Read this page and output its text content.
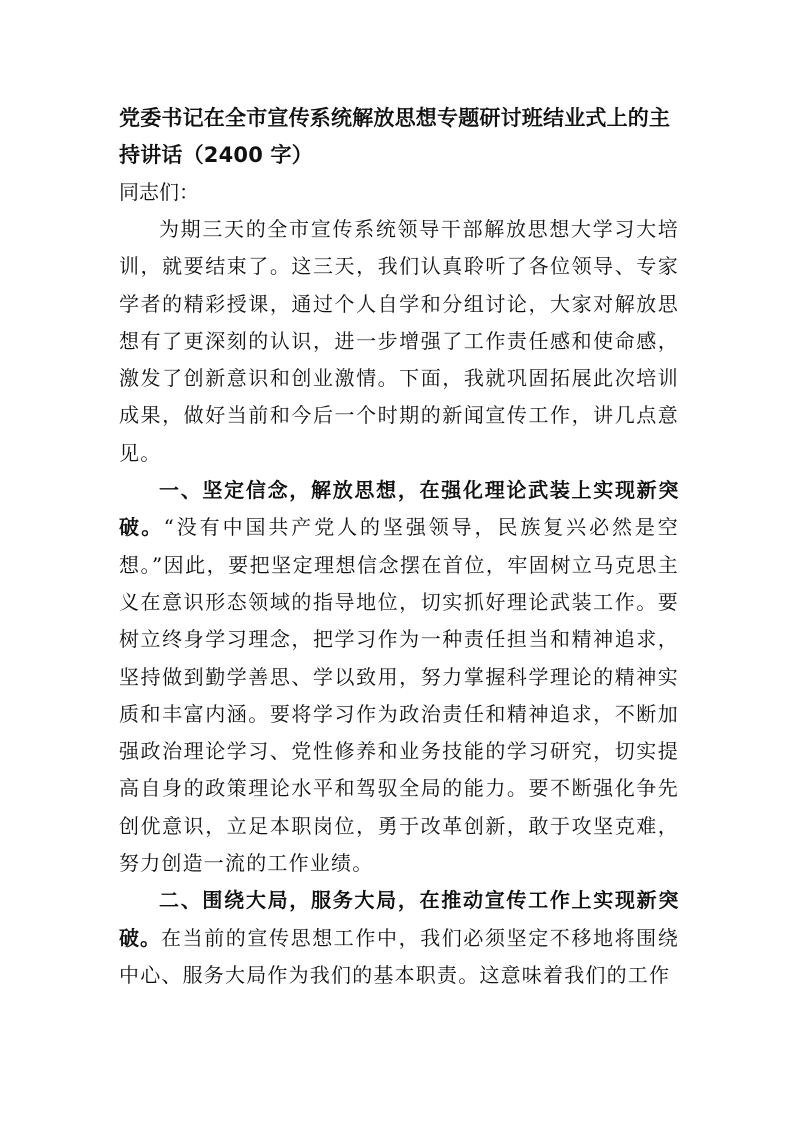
党委书记在全市宣传系统解放思想专题研讨班结业式上的主持讲话（2400 字）

同志们：

为期三天的全市宣传系统领导干部解放思想大学习大培训，就要结束了。这三天，我们认真聆听了各位领导、专家学者的精彩授课，通过个人自学和分组讨论，大家对解放思想有了更深刻的认识，进一步增强了工作责任感和使命感，激发了创新意识和创业激情。下面，我就巩固拓展此次培训成果，做好当前和今后一个时期的新闻宣传工作，讲几点意见。

一、坚定信念，解放思想，在强化理论武装上实现新突破。“没有中国共产党人的坚强领导，民族复兴必然是空想。”因此，要把坚定理想信念摆在首位，牢固树立马克思主义在意识形态领域的指导地位，切实抓好理论武装工作。要树立终身学习理念，把学习作为一种责任担当和精神追求，坚持做到勤学善思、学以致用，努力掌握科学理论的精神实质和丰富内涵。要将学习作为政治责任和精神追求，不断加强政治理论学习、党性修养和业务技能的学习研究，切实提高自身的政策理论水平和驾驭全局的能力。要不断强化争先创优意识，立足本职岗位，勇于改革创新，敢于攻坚克难，努力创造一流的工作业绩。

二、围绕大局，服务大局，在推动宣传工作上实现新突破。在当前的宣传思想工作中，我们必须坚定不移地将围绕中心、服务大局作为我们的基本职责。这意味着我们的工作
